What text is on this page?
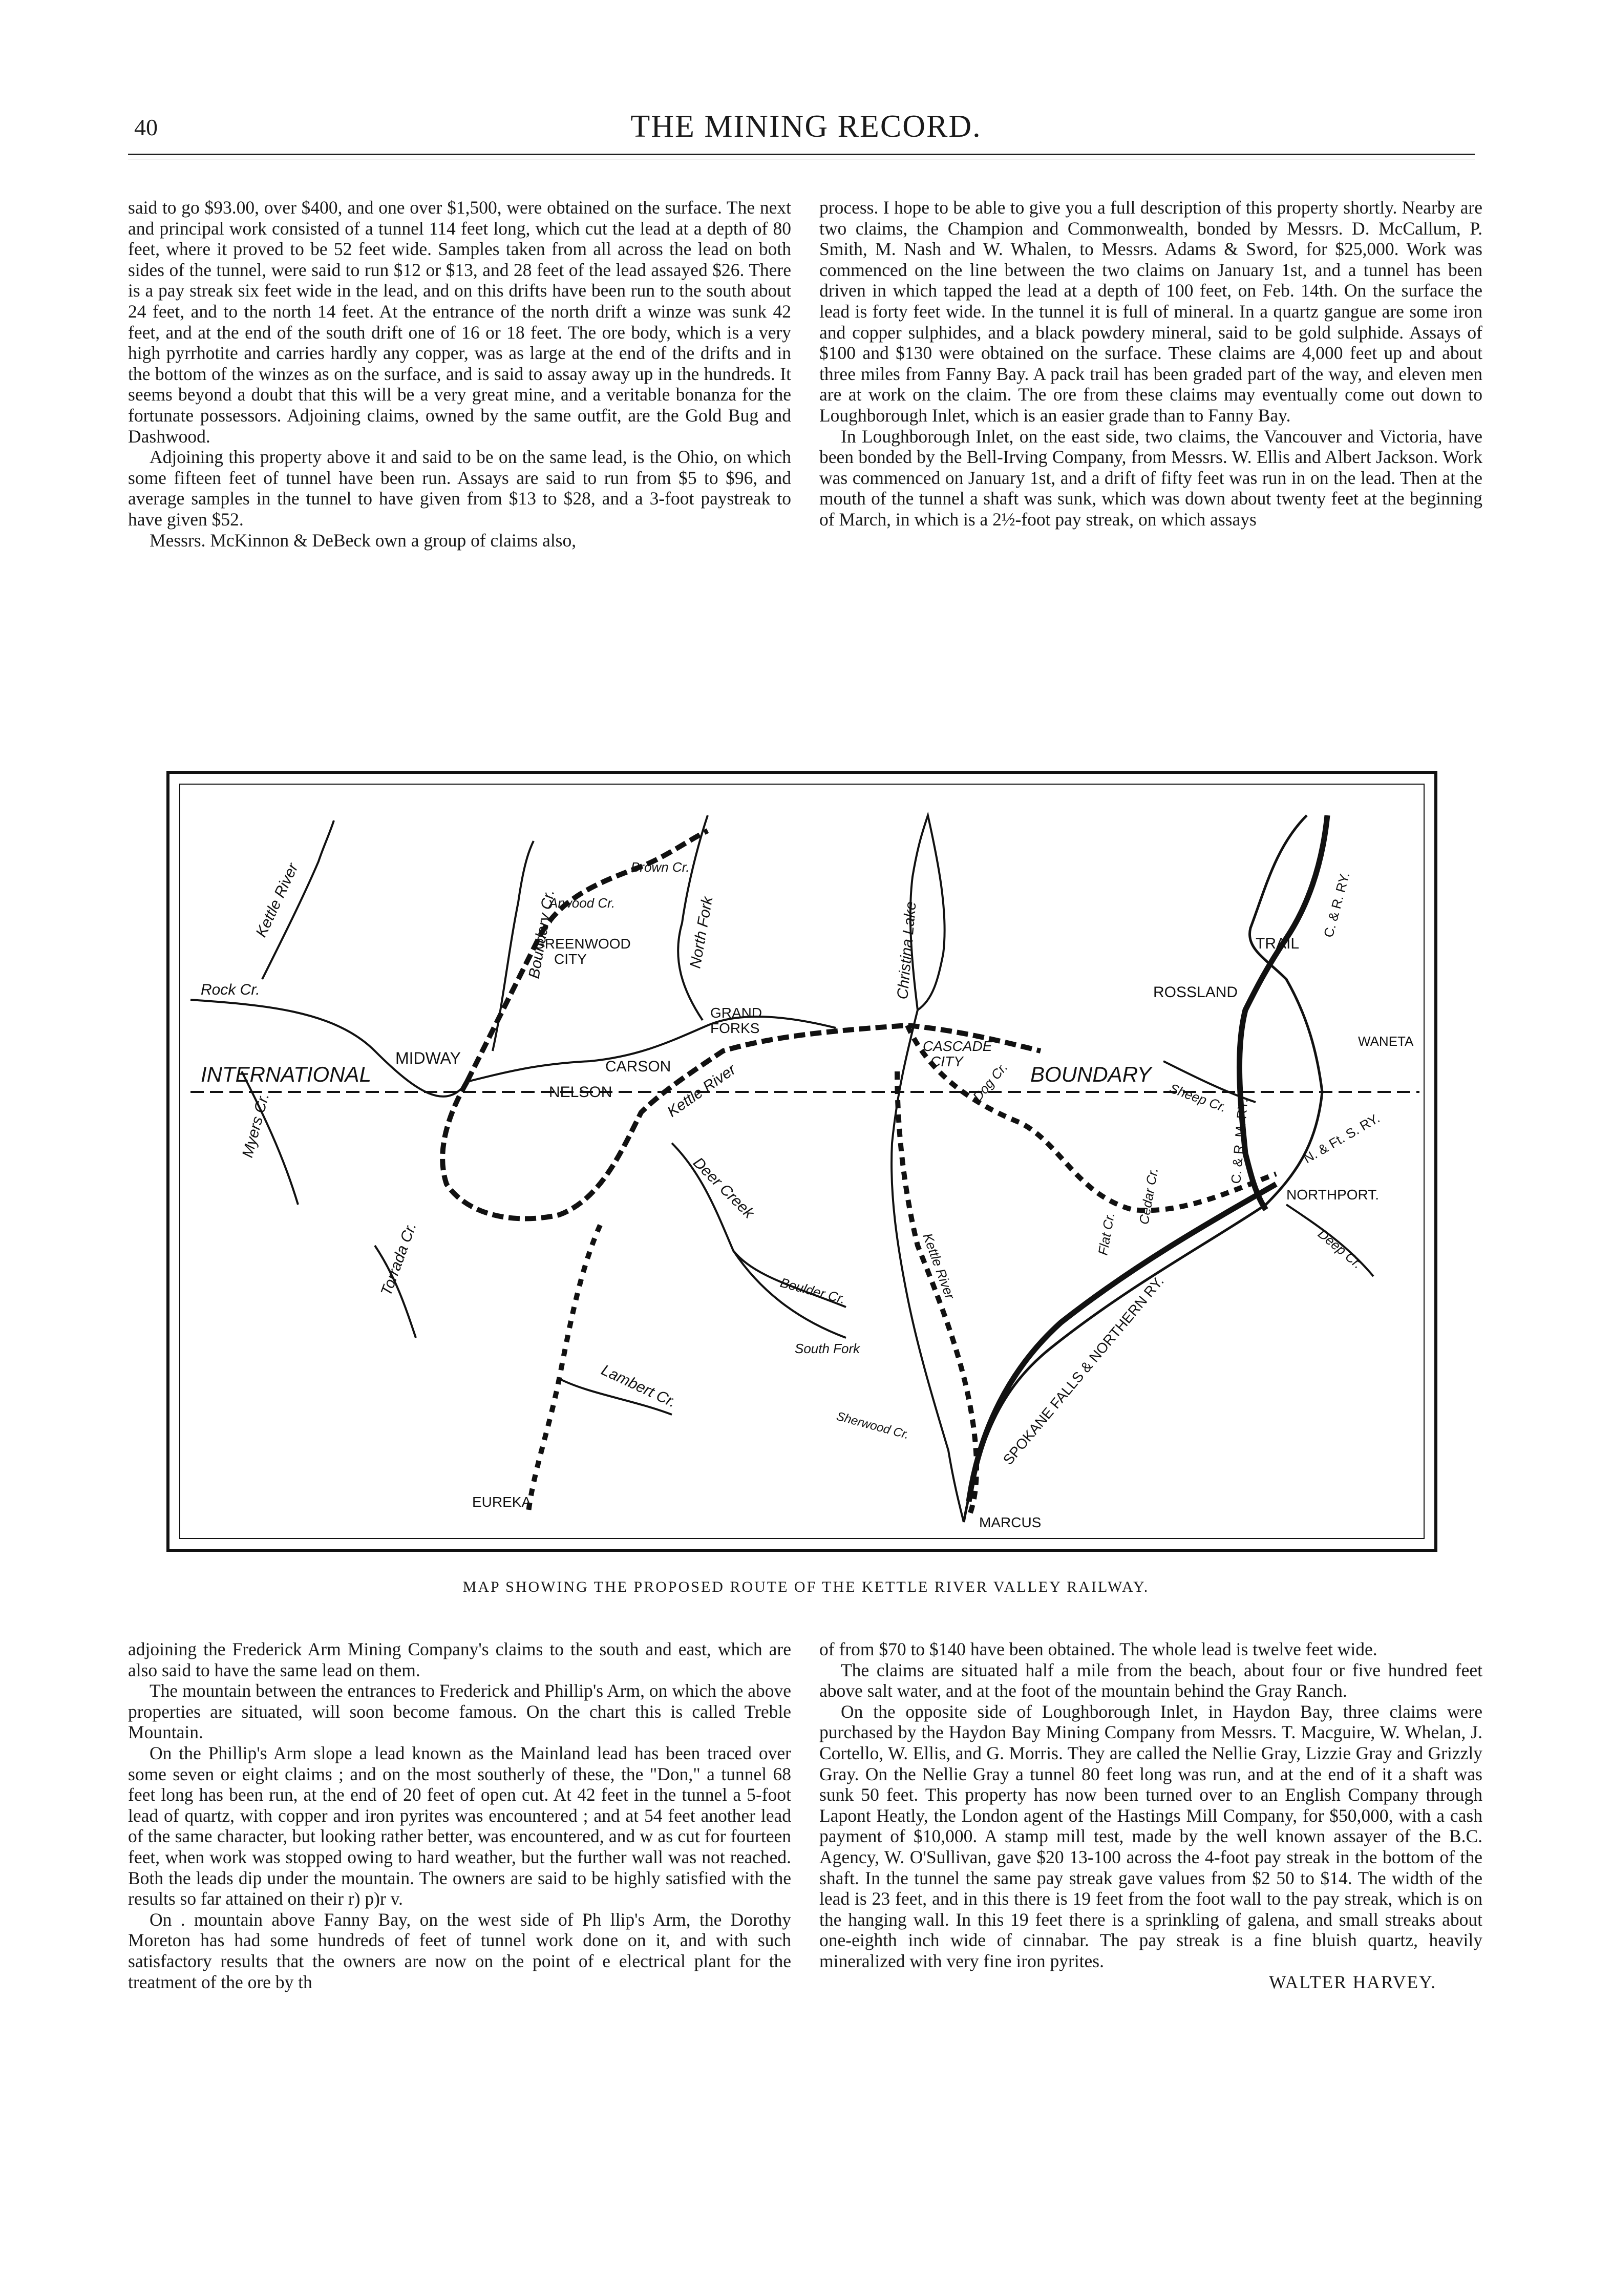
40	THE MINING RECORD.

said to go $93.00, over $400, and one over $1,500, were obtained on the surface. The next and principal work consisted of a tunnel 114 feet long, which cut the lead at a depth of 80 feet, where it proved to be 52 feet wide. Samples taken from all across the lead on both sides of the tunnel, were said to run $12 or $13, and 28 feet of the lead assayed $26. There is a pay streak six feet wide in the lead, and on this drifts have been run to the south about 24 feet, and to the north 14 feet. At the entrance of the north drift a winze was sunk 42 feet, and at the end of the south drift one of 16 or 18 feet. The ore body, which is a very high pyrrhotite and carries hardly any copper, was as large at the end of the drifts and in the bottom of the winzes as on the surface, and is said to assay away up in the hundreds. It seems beyond a doubt that this will be a very great mine, and a veritable bonanza for the fortunate possessors. Adjoining claims, owned by the same outfit, are the Gold Bug and Dashwood.

Adjoining this property above it and said to be on the same lead, is the Ohio, on which some fifteen feet of tunnel have been run. Assays are said to run from $5 to $96, and average samples in the tunnel to have given from $13 to $28, and a 3-foot paystreak to have given $52.

Messrs. McKinnon & DeBeck own a group of claims also,

process. I hope to be able to give you a full description of this property shortly. Nearby are two claims, the Champion and Commonwealth, bonded by Messrs. D. McCallum, P. Smith, M. Nash and W. Whalen, to Messrs. Adams & Sword, for $25,000. Work was commenced on the line between the two claims on January 1st, and a tunnel has been driven in which tapped the lead at a depth of 100 feet, on Feb. 14th. On the surface the lead is forty feet wide. In the tunnel it is full of mineral. In a quartz gangue are some iron and copper sulphides, and a black powdery mineral, said to be gold sulphide. Assays of $100 and $130 were obtained on the surface. These claims are 4,000 feet up and about three miles from Fanny Bay. A pack trail has been graded part of the way, and eleven men are at work on the claim. The ore from these claims may eventually come out down to Loughborough Inlet, which is an easier grade than to Fanny Bay.

In Loughborough Inlet, on the east side, two claims, the Vancouver and Victoria, have been bonded by the Bell-Irving Company, from Messrs. W. Ellis and Albert Jackson. Work was commenced on January 1st, and a drift of fifty feet was run in on the lead. Then at the mouth of the tunnel a shaft was sunk, which was down about twenty feet at the beginning of March, in which is a 2½-foot pay streak, on which assays

Kettle River
Rock Cr.
INTERNATIONAL
MIDWAY
Boundary Cr.
GREENWOOD
CITY
Arwood Cr.
Brown Cr.
North Fork
GRAND
FORKS
CARSON
NELSON	Kettle River
Christina Lake
CASCADE
CITY Dog Cr. BOUNDARY
TRAIL
C. & R. RY.
ROSSLAND
WANETA
Sheep Cr.
C. & R. M. RY.	N. & Ft. S. RY.
NORTHPORT.
Deep Cr.
Myers Cr.
Torrada Cr.
Deer Creek
Boulder Cr.
South Fork
Flat Cr.
Cedar Cr.
Lambert Cr.
Kettle River
Sherwood Cr.	SPOKANE FALLS & NORTHERN RY.
EUREKA
MARCUS
MAP SHOWING THE PROPOSED ROUTE OF THE KETTLE RIVER VALLEY RAILWAY.

adjoining the Frederick Arm Mining Company's claims to the south and east, which are also said to have the same lead on them.

The mountain between the entrances to Frederick and Phillip's Arm, on which the above properties are situated, will soon become famous. On the chart this is called Treble Mountain.

On the Phillip's Arm slope a lead known as the Mainland lead has been traced over some seven or eight claims ; and on the most southerly of these, the "Don," a tunnel 68 feet long has been run, at the end of 20 feet of open cut. At 42 feet in the tunnel a 5-foot lead of quartz, with copper and iron pyrites was encountered ; and at 54 feet another lead of the same character, but looking rather better, was encountered, and w as cut for fourteen feet, when work was stopped owing to hard weather, but the further wall was not reached. Both the leads dip under the mountain. The owners are said to be highly satisfied with the results so far attained on their r) p)r v.

On . mountain above Fanny Bay, on the west side of Ph llip's Arm, the Dorothy Moreton has had some hundreds of feet of tunnel work done on it, and with such satisfactory results that the owners are now on the point of e electrical plant for the treatment of the ore by th

of from $70 to $140 have been obtained. The whole lead is twelve feet wide.

The claims are situated half a mile from the beach, about four or five hundred feet above salt water, and at the foot of the mountain behind the Gray Ranch.

On the opposite side of Loughborough Inlet, in Haydon Bay, three claims were purchased by the Haydon Bay Mining Company from Messrs. T. Macguire, W. Whelan, J. Cortello, W. Ellis, and G. Morris. They are called the Nellie Gray, Lizzie Gray and Grizzly Gray. On the Nellie Gray a tunnel 80 feet long was run, and at the end of it a shaft was sunk 50 feet. This property has now been turned over to an English Company through Lapont Heatly, the London agent of the Hastings Mill Company, for $50,000, with a cash payment of $10,000. A stamp mill test, made by the well known assayer of the B.C. Agency, W. O'Sullivan, gave $20 13-100 across the 4-foot pay streak in the bottom of the shaft. In the tunnel the same pay streak gave values from $2 50 to $14. The width of the lead is 23 feet, and in this there is 19 feet from the foot wall to the pay streak, which is on the hanging wall. In this 19 feet there is a sprinkling of galena, and small streaks about one-eighth inch wide of cinnabar. The pay streak is a fine bluish quartz, heavily mineralized with very fine iron pyrites.

WALTER HARVEY.
